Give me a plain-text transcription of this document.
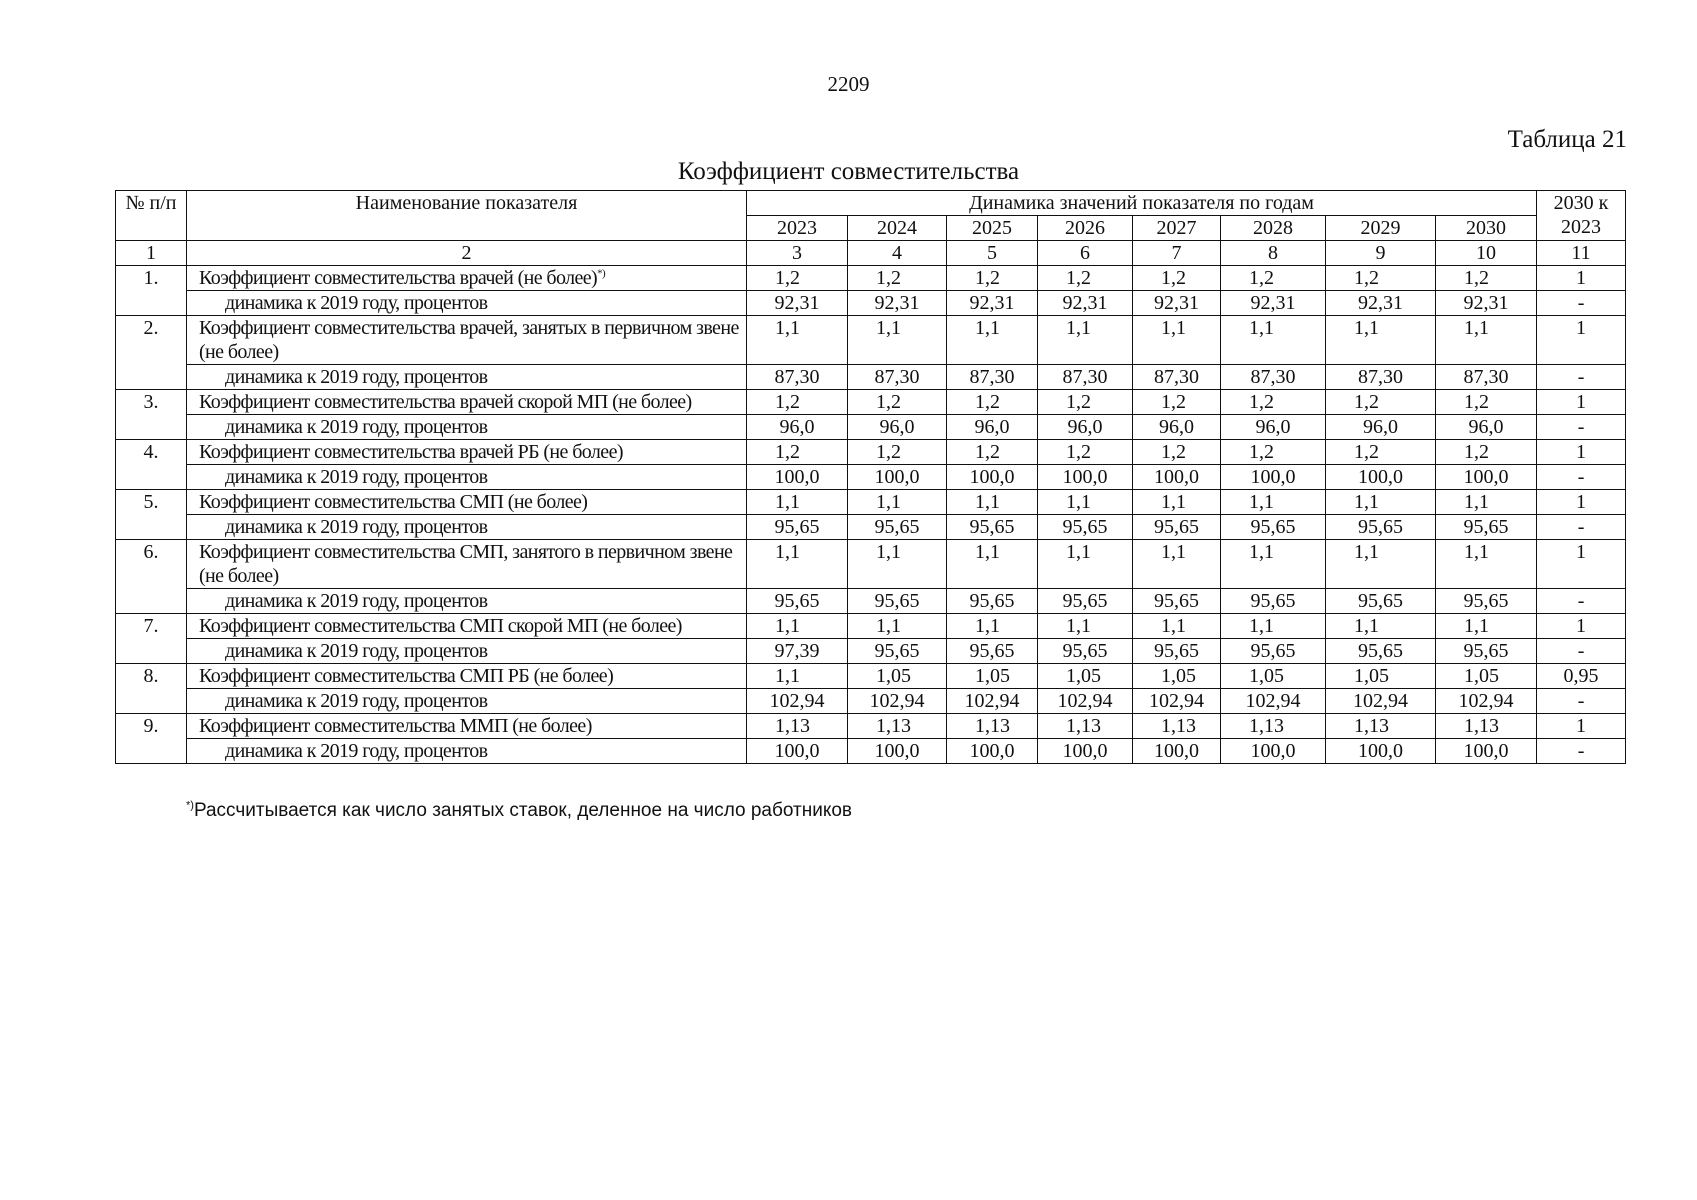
2209
Таблица 21
Коэффициент совместительства
№ п/п	Наименование показателя	Динамика значений показателя по годам								2030 к 2023
		2023	2024	2025	2026	2027	2028	2029	2030	
1	2	3	4	5	6	7	8	9	10	11
1.	Коэффициент совместительства врачей (не более)*)	1,2	1,2	1,2	1,2	1,2	1,2	1,2	1,2	1
	динамика к 2019 году, процентов	92,31	92,31	92,31	92,31	92,31	92,31	92,31	92,31	-
2.	Коэффициент совместительства врачей, занятых в первичном звене (не более)	1,1	1,1	1,1	1,1	1,1	1,1	1,1	1,1	1
	динамика к 2019 году, процентов	87,30	87,30	87,30	87,30	87,30	87,30	87,30	87,30	-
3.	Коэффициент совместительства врачей скорой МП (не более)	1,2	1,2	1,2	1,2	1,2	1,2	1,2	1,2	1
	динамика к 2019 году, процентов	96,0	96,0	96,0	96,0	96,0	96,0	96,0	96,0	-
4.	Коэффициент совместительства врачей РБ (не более)	1,2	1,2	1,2	1,2	1,2	1,2	1,2	1,2	1
	динамика к 2019 году, процентов	100,0	100,0	100,0	100,0	100,0	100,0	100,0	100,0	-
5.	Коэффициент совместительства СМП (не более)	1,1	1,1	1,1	1,1	1,1	1,1	1,1	1,1	1
	динамика к 2019 году, процентов	95,65	95,65	95,65	95,65	95,65	95,65	95,65	95,65	-
6.	Коэффициент совместительства СМП, занятого в первичном звене (не более)	1,1	1,1	1,1	1,1	1,1	1,1	1,1	1,1	1
	динамика к 2019 году, процентов	95,65	95,65	95,65	95,65	95,65	95,65	95,65	95,65	-
7.	Коэффициент совместительства СМП скорой МП (не более)	1,1	1,1	1,1	1,1	1,1	1,1	1,1	1,1	1
	динамика к 2019 году, процентов	97,39	95,65	95,65	95,65	95,65	95,65	95,65	95,65	-
8.	Коэффициент совместительства СМП РБ (не более)	1,1	1,05	1,05	1,05	1,05	1,05	1,05	1,05	0,95
	динамика к 2019 году, процентов	102,94	102,94	102,94	102,94	102,94	102,94	102,94	102,94	-
9.	Коэффициент совместительства ММП (не более)	1,13	1,13	1,13	1,13	1,13	1,13	1,13	1,13	1
	динамика к 2019 году, процентов	100,0	100,0	100,0	100,0	100,0	100,0	100,0	100,0	-
*)Рассчитывается как число занятых ставок, деленное на число работников
